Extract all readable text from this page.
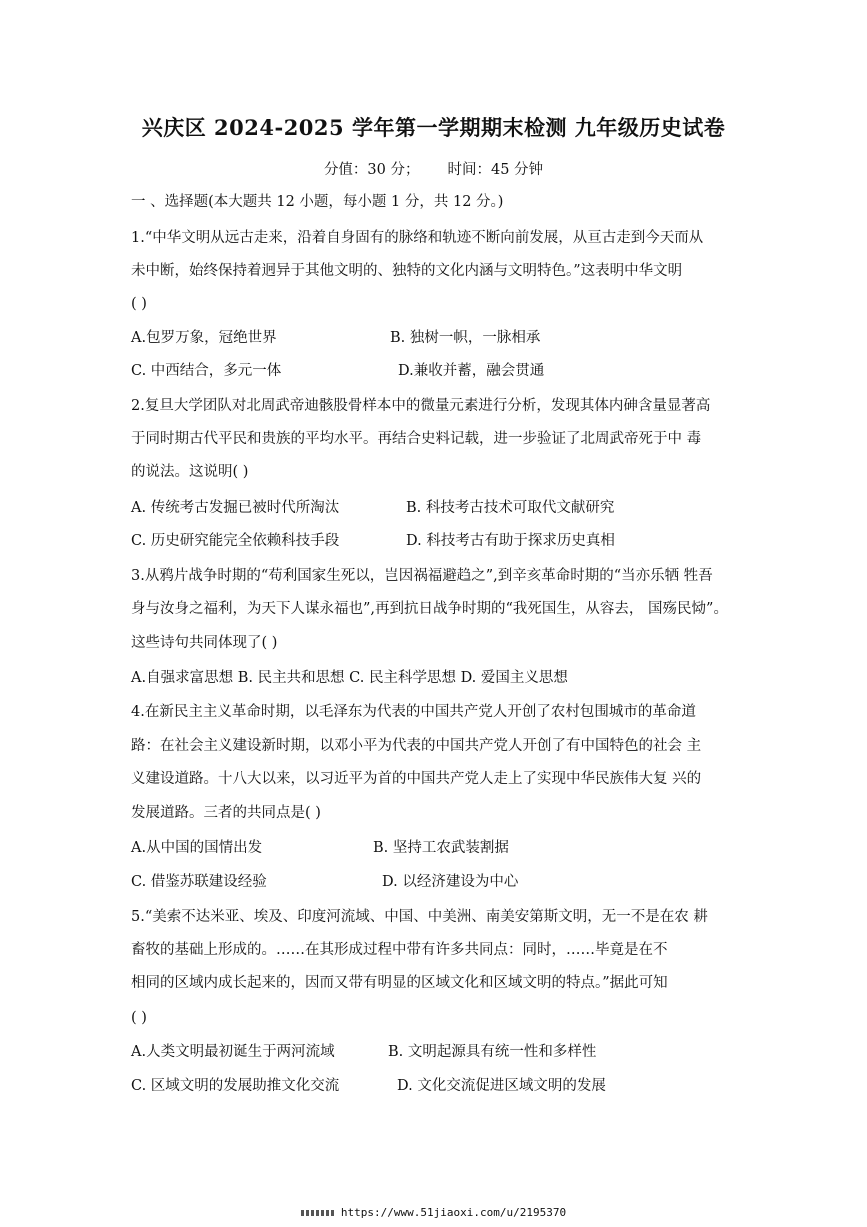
兴庆区 2024-2025 学年第一学期期末检测 九年级历史试卷
分值：30 分； 时间：45 分钟
一 、选择题(本大题共 12 小题，每小题 1 分，共 12 分。)
1.“中华文明从远古走来，沿着自身固有的脉络和轨迹不断向前发展，从亘古走到今天而从
未中断，始终保持着迥异于其他文明的、独特的文化内涵与文明特色。”这表明中华文明
( )
A.包罗万象，冠绝世界	B. 独树一帜，一脉相承
C. 中西结合，多元一体	D.兼收并蓄，融会贯通
2.复旦大学团队对北周武帝迪骸股骨样本中的微量元素进行分析，发现其体内砷含量显著高
于同时期古代平民和贵族的平均水平。再结合史料记载，进一步验证了北周武帝死于中 毒
的说法。这说明( )
A. 传统考古发掘已被时代所淘汰	B. 科技考古技术可取代文献研究
C. 历史研究能完全依赖科技手段	D. 科技考古有助于探求历史真相
3.从鸦片战争时期的“苟利国家生死以，岂因祸福避趋之”,到辛亥革命时期的“当亦乐牺 牲吾
身与汝身之福利，为天下人谋永福也”,再到抗日战争时期的“我死国生，从容去， 国殇民恸”。
这些诗句共同体现了( )
A.自强求富思想 B. 民主共和思想 C. 民主科学思想 D. 爱国主义思想
4.在新民主主义革命时期，以毛泽东为代表的中国共产党人开创了农村包围城市的革命道
路：在社会主义建设新时期，以邓小平为代表的中国共产党人开创了有中国特色的社会 主
义建设道路。十八大以来，以习近平为首的中国共产党人走上了实现中华民族伟大复 兴的
发展道路。三者的共同点是( )
A.从中国的国情出发	B. 坚持工农武装割据
C. 借鉴苏联建设经验	D. 以经济建设为中心
5.“美索不达米亚、埃及、印度河流域、中国、中美洲、南美安第斯文明，无一不是在农 耕
畜牧的基础上形成的。……在其形成过程中带有许多共同点：同时，……毕竟是在不
相同的区域内成长起来的，因而又带有明显的区域文化和区域文明的特点。”据此可知
( )
A.人类文明最初诞生于两河流域	B. 文明起源具有统一性和多样性
C. 区域文明的发展助推文化交流	D. 文化交流促进区域文明的发展
https://www.51jiaoxi.com/u/2195370
